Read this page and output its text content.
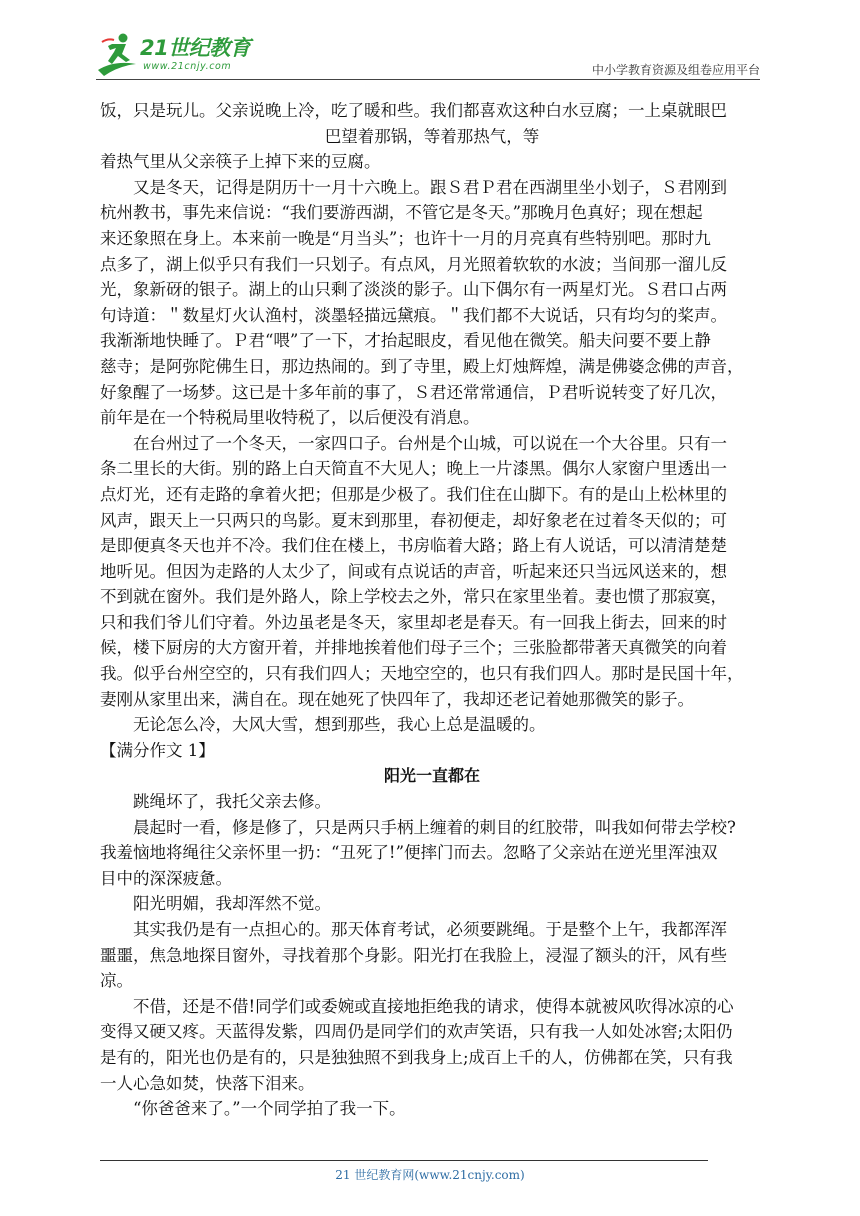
21世纪教育
www.21cnjy.com	中小学教育资源及组卷应用平台
饭，只是玩儿。父亲说晚上冷，吃了暖和些。我们都喜欢这种白水豆腐；一上桌就眼巴
巴望着那锅，等着那热气，等
着热气里从父亲筷子上掉下来的豆腐。
又是冬天，记得是阴历十一月十六晚上。跟Ｓ君Ｐ君在西湖里坐小划子，Ｓ君刚到
杭州教书，事先来信说：“我们要游西湖，不管它是冬天。”那晚月色真好；现在想起
来还象照在身上。本来前一晚是“月当头”；也许十一月的月亮真有些特别吧。那时九
点多了，湖上似乎只有我们一只划子。有点风，月光照着软软的水波；当间那一溜儿反
光，象新砑的银子。湖上的山只剩了淡淡的影子。山下偶尔有一两星灯光。Ｓ君口占两
句诗道：＂数星灯火认渔村，淡墨轻描远黛痕。＂我们都不大说话，只有均匀的桨声。
我渐渐地快睡了。Ｐ君“喂”了一下，才抬起眼皮，看见他在微笑。船夫问要不要上静
慈寺；是阿弥陀佛生日，那边热闹的。到了寺里，殿上灯烛辉煌，满是佛婆念佛的声音，
好象醒了一场梦。这已是十多年前的事了，Ｓ君还常常通信，Ｐ君听说转变了好几次，
前年是在一个特税局里收特税了，以后便没有消息。
在台州过了一个冬天，一家四口子。台州是个山城，可以说在一个大谷里。只有一
条二里长的大街。别的路上白天简直不大见人；晚上一片漆黑。偶尔人家窗户里透出一
点灯光，还有走路的拿着火把；但那是少极了。我们住在山脚下。有的是山上松林里的
风声，跟天上一只两只的鸟影。夏末到那里，春初便走，却好象老在过着冬天似的；可
是即便真冬天也并不冷。我们住在楼上，书房临着大路；路上有人说话，可以清清楚楚
地听见。但因为走路的人太少了，间或有点说话的声音，听起来还只当远风送来的，想
不到就在窗外。我们是外路人，除上学校去之外，常只在家里坐着。妻也惯了那寂寞，
只和我们爷儿们守着。外边虽老是冬天，家里却老是春天。有一回我上街去，回来的时
候，楼下厨房的大方窗开着，并排地挨着他们母子三个；三张脸都带著天真微笑的向着
我。似乎台州空空的，只有我们四人；天地空空的，也只有我们四人。那时是民国十年，
妻刚从家里出来，满自在。现在她死了快四年了，我却还老记着她那微笑的影子。
无论怎么冷，大风大雪，想到那些，我心上总是温暖的。
【满分作文 1】
阳光一直都在
跳绳坏了，我托父亲去修。
晨起时一看，修是修了，只是两只手柄上缠着的刺目的红胶带，叫我如何带去学校?
我羞恼地将绳往父亲怀里一扔：“丑死了!”便摔门而去。忽略了父亲站在逆光里浑浊双
目中的深深疲惫。
阳光明媚，我却浑然不觉。
其实我仍是有一点担心的。那天体育考试，必须要跳绳。于是整个上午，我都浑浑
噩噩，焦急地探目窗外，寻找着那个身影。阳光打在我脸上，浸湿了额头的汗，风有些
凉。
不借，还是不借!同学们或委婉或直接地拒绝我的请求，使得本就被风吹得冰凉的心
变得又硬又疼。天蓝得发紫，四周仍是同学们的欢声笑语，只有我一人如处冰窖;太阳仍
是有的，阳光也仍是有的，只是独独照不到我身上;成百上千的人，仿佛都在笑，只有我
一人心急如焚，快落下泪来。
“你爸爸来了。”一个同学拍了我一下。
21 世纪教育网(www.21cnjy.com)
